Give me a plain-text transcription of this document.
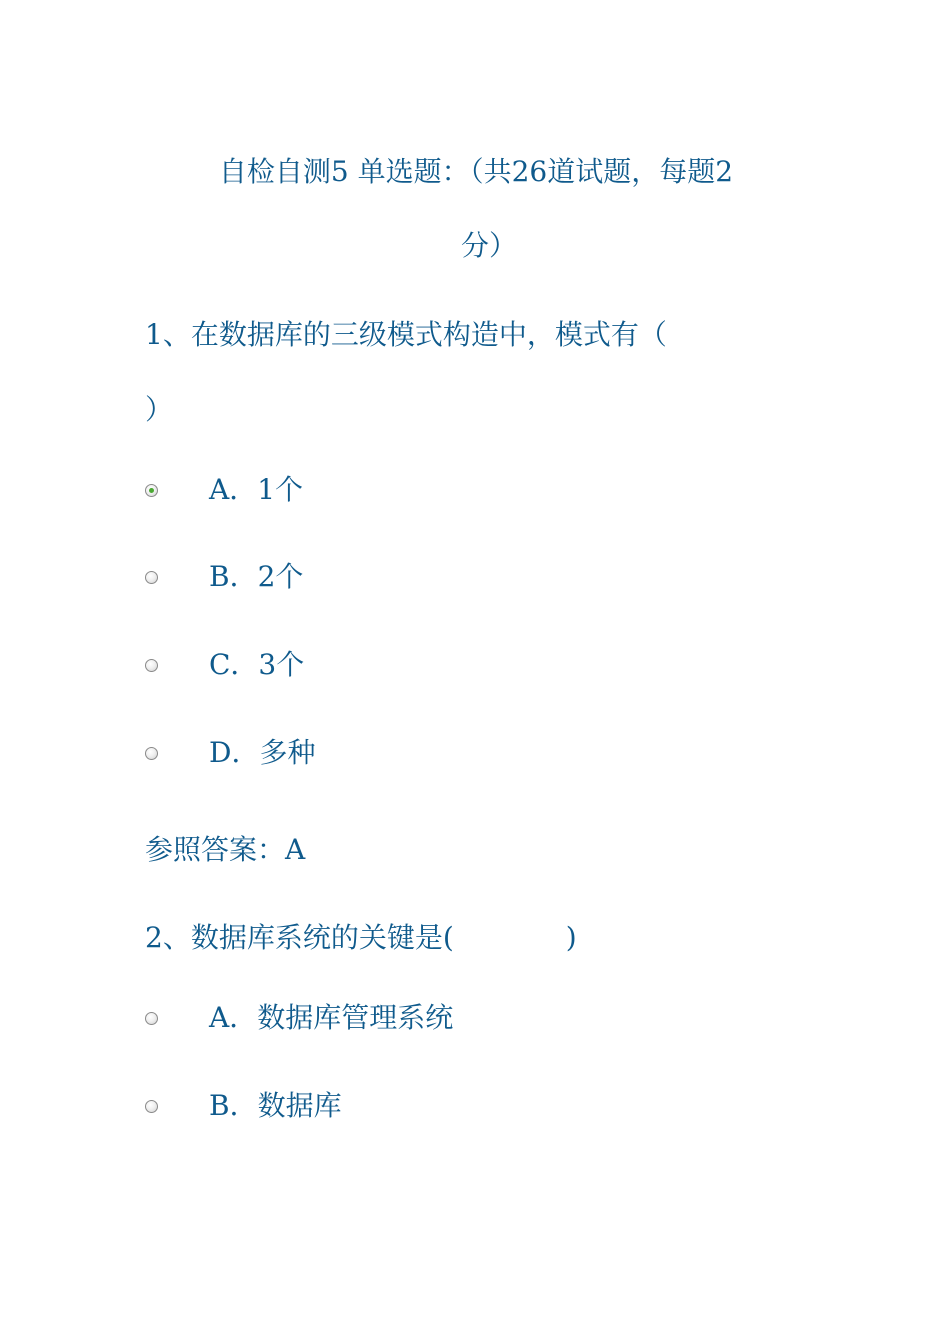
自检自测5 单选题：（共26道试题，每题2
分）
1、在数据库的三级模式构造中，模式有（
）
A．1个
B．2个
C．3个
D．多种
参照答案：A
2、数据库系统的关键是(　　　　)
A．数据库管理系统
B．数据库
